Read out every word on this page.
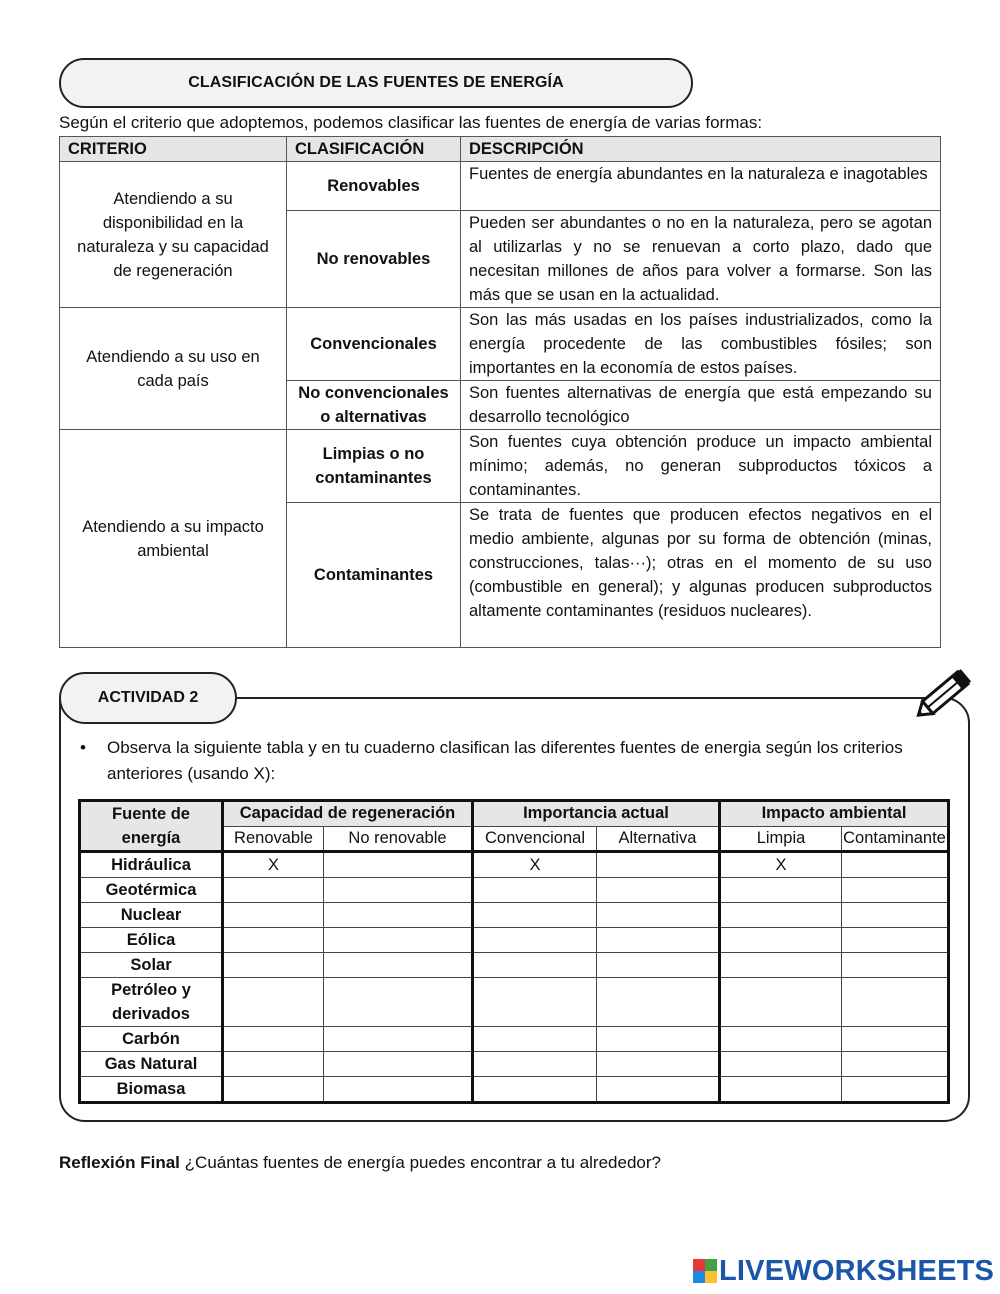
CLASIFICACIÓN DE LAS FUENTES DE ENERGÍA
Según el criterio que adoptemos, podemos clasificar las fuentes de energía de varias formas:
CRITERIO	CLASIFICACIÓN	DESCRIPCIÓN
Atendiendo a su disponibilidad en la naturaleza y su capacidad de regeneración	Renovables	Fuentes de energía abundantes en la naturaleza e inagotables
	No renovables	Pueden ser abundantes o no en la naturaleza, pero se agotan al utilizarlas y no se renuevan a corto plazo, dado que necesitan millones de años para volver a formarse. Son las más que se usan en la actualidad.
Atendiendo a su uso en cada país	Convencionales	Son las más usadas en los países industrializados, como la energía procedente de las combustibles fósiles; son importantes en la economía de estos países.
	No convencionales o alternativas	Son fuentes alternativas de energía que está empezando su desarrollo tecnológico
Atendiendo a su impacto ambiental	Limpias o no contaminantes	Son fuentes cuya obtención produce un impacto ambiental mínimo; además, no generan subproductos tóxicos a contaminantes.
	Contaminantes	Se trata de fuentes que producen efectos negativos en el medio ambiente, algunas por su forma de obtención (minas, construcciones, talas···); otras en el momento de su uso (combustible en general); y algunas producen subproductos altamente contaminantes (residuos nucleares).
ACTIVIDAD 2
• Observa la siguiente tabla y en tu cuaderno clasifican las diferentes fuentes de energia según los criterios anteriores (usando X):
Fuente de energía	Capacidad de regeneración		Importancia actual		Impacto ambiental	
	Renovable	No renovable	Convencional	Alternativa	Limpia	Contaminante
Hidráulica	X		X		X	
Geotérmica						
Nuclear						
Eólica						
Solar						
Petróleo y derivados						
Carbón						
Gas Natural						
Biomasa						
Reflexión Final ¿Cuántas fuentes de energía puedes encontrar a tu alrededor?
LIVEWORKSHEETS
